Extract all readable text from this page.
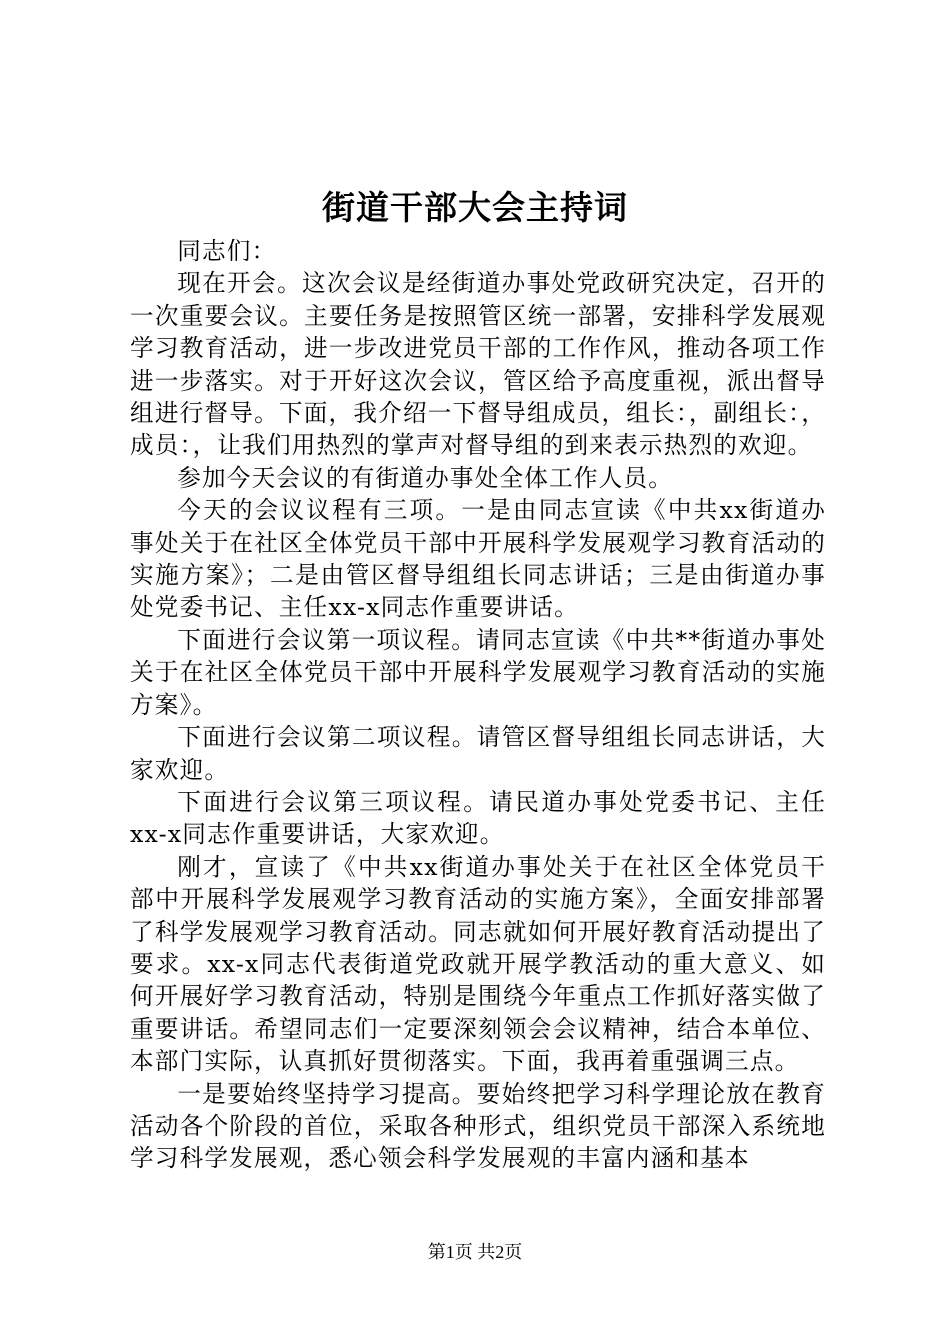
街道干部大会主持词

同志们：

现在开会。这次会议是经街道办事处党政研究决定，召开的一次重要会议。主要任务是按照管区统一部署，安排科学发展观学习教育活动，进一步改进党员干部的工作作风，推动各项工作进一步落实。对于开好这次会议，管区给予高度重视，派出督导组进行督导。下面，我介绍一下督导组成员，组长：，副组长：，成员：，让我们用热烈的掌声对督导组的到来表示热烈的欢迎。

参加今天会议的有街道办事处全体工作人员。

今天的会议议程有三项。一是由同志宣读《中共xx街道办事处关于在社区全体党员干部中开展科学发展观学习教育活动的实施方案》；二是由管区督导组组长同志讲话；三是由街道办事处党委书记、主任xx-x同志作重要讲话。

下面进行会议第一项议程。请同志宣读《中共**街道办事处关于在社区全体党员干部中开展科学发展观学习教育活动的实施方案》。

下面进行会议第二项议程。请管区督导组组长同志讲话，大家欢迎。

下面进行会议第三项议程。请民道办事处党委书记、主任xx-x同志作重要讲话，大家欢迎。

刚才，宣读了《中共xx街道办事处关于在社区全体党员干部中开展科学发展观学习教育活动的实施方案》，全面安排部署了科学发展观学习教育活动。同志就如何开展好教育活动提出了要求。xx-x同志代表街道党政就开展学教活动的重大意义、如何开展好学习教育活动，特别是围绕今年重点工作抓好落实做了重要讲话。希望同志们一定要深刻领会会议精神，结合本单位、本部门实际，认真抓好贯彻落实。下面，我再着重强调三点。

一是要始终坚持学习提高。要始终把学习科学理论放在教育活动各个阶段的首位，采取各种形式，组织党员干部深入系统地学习科学发展观，悉心领会科学发展观的丰富内涵和基本

第1页 共2页
